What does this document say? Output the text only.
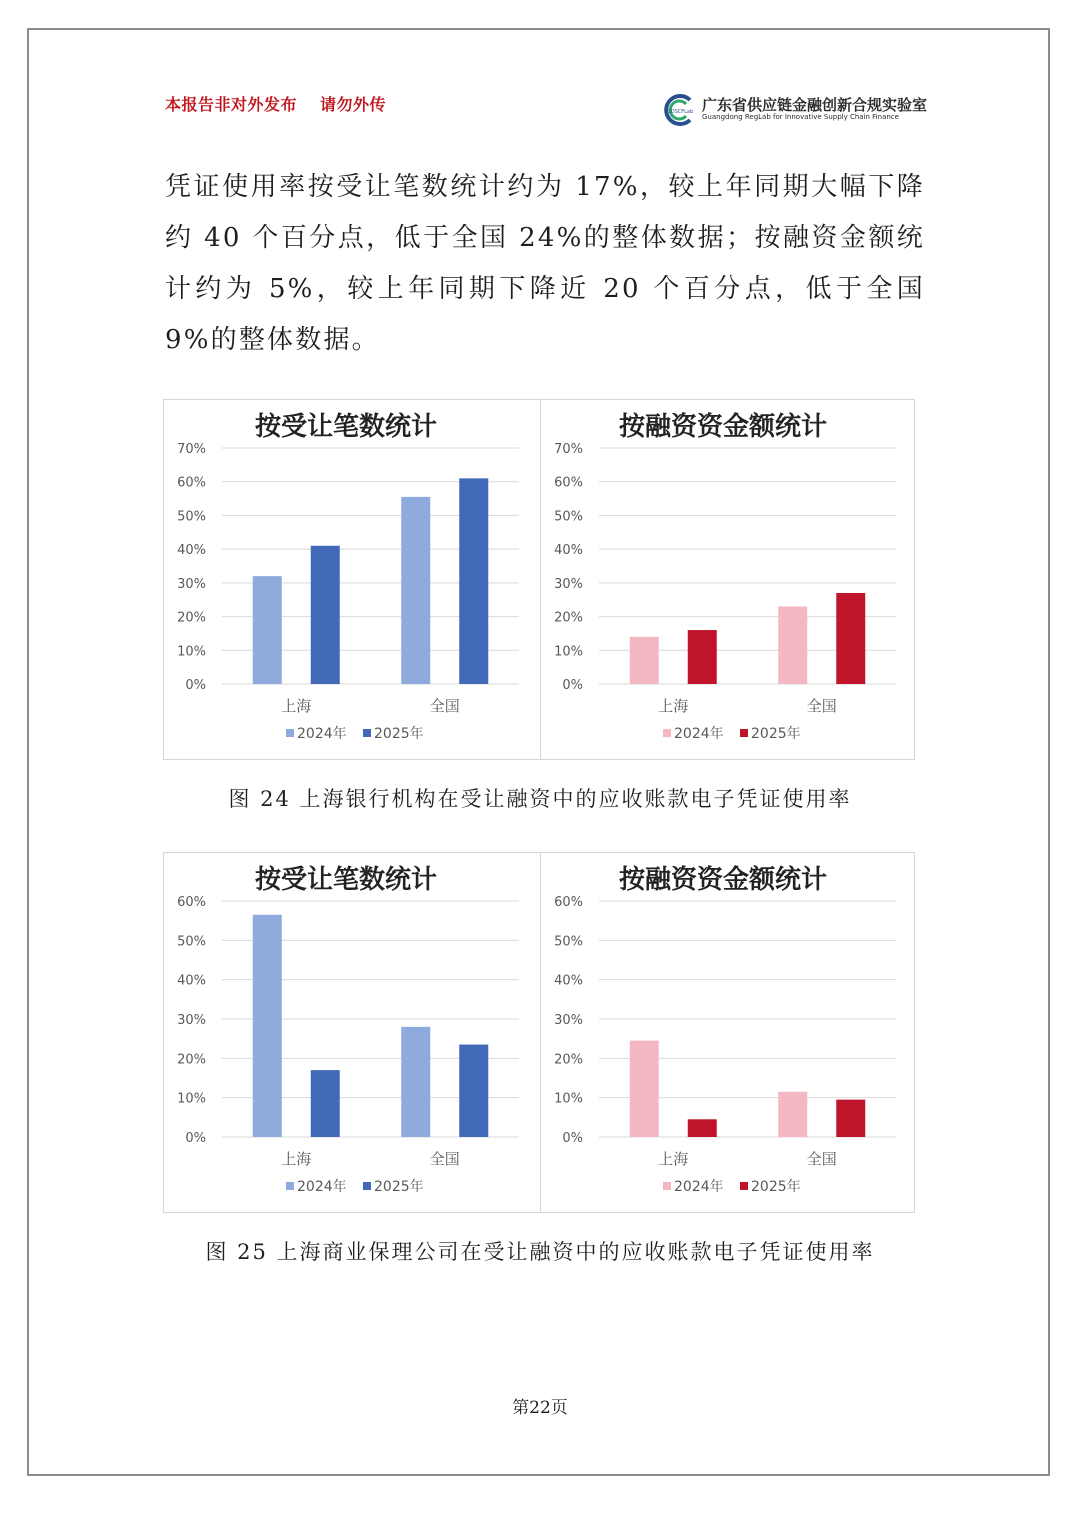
本报告非对外发布 请勿外传	GDSCFLab 广东省供应链金融创新合规实验室
Guangdong RegLab for Innovative Supply Chain Finance

凭证使用率按受让笔数统计约为 17%，较上年同期大幅下降约 40 个百分点，低于全国 24%的整体数据；按融资金额统计约为 5%，较上年同期下降近 20 个百分点，低于全国 9%的整体数据。

按受让笔数统计
0%
10%
20%
30%
40%
50%
60%
70%
上海	全国
2024年 2025年
按融资资金额统计
0%
10%
20%
30%
40%
50%
60%
70%
上海	全国
2024年 2025年
图 24 上海银行机构在受让融资中的应收账款电子凭证使用率
按受让笔数统计
0%
10%
20%
30%
40%
50%
60%
上海	全国
2024年 2025年
按融资资金额统计
0%
10%
20%
30%
40%
50%
60%
上海	全国
2024年 2025年
图 25 上海商业保理公司在受让融资中的应收账款电子凭证使用率
第22页
